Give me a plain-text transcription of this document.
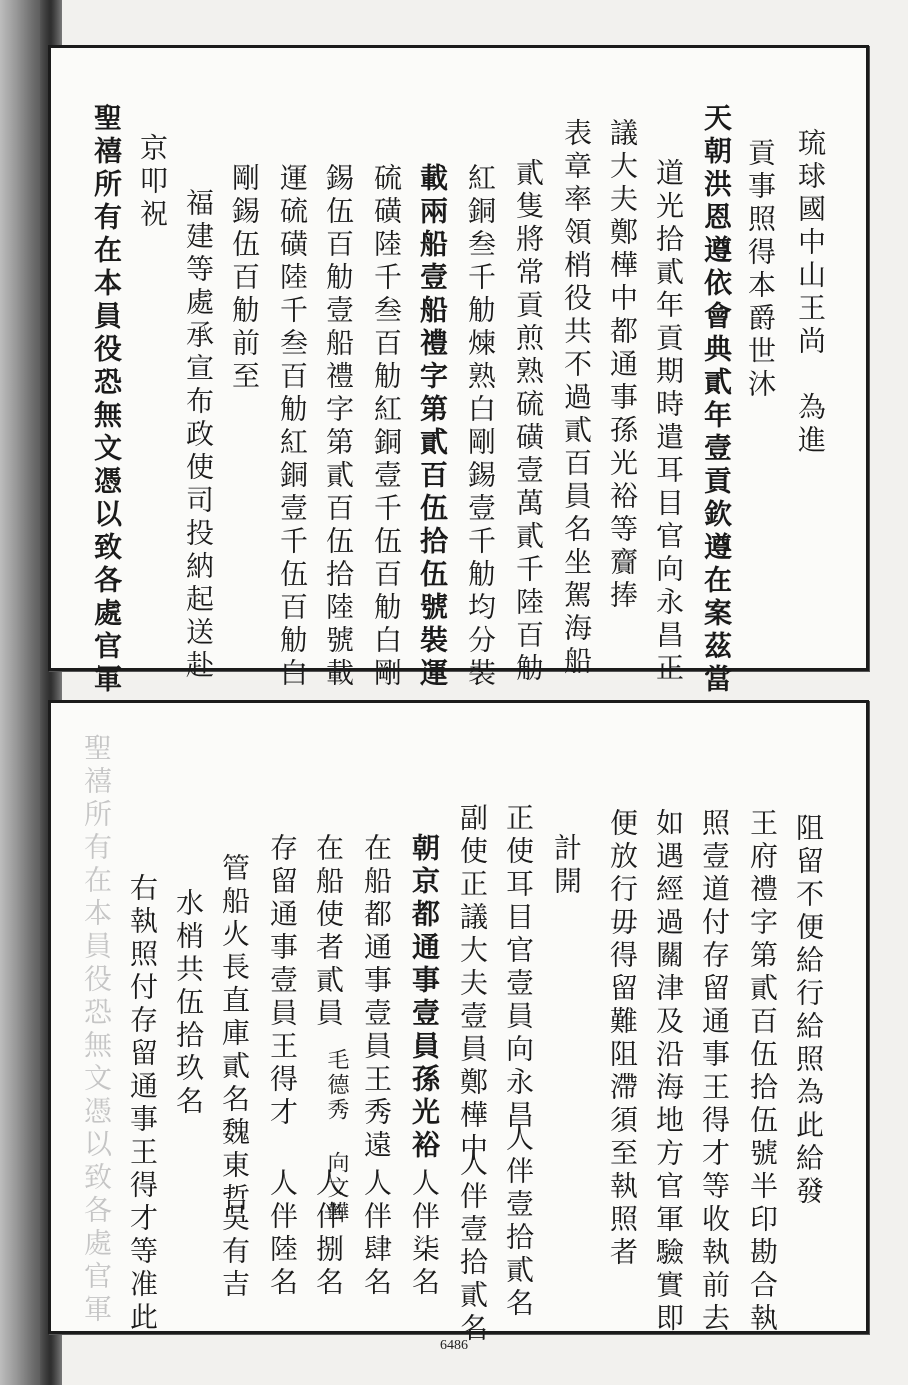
琉球國中山王尚　為進
貢事照得本爵世沐
天朝洪恩遵依會典貳年壹貢欽遵在案茲當
道光拾貳年貢期時遣耳目官向永昌正
議大夫鄭樺中都通事孫光裕等齎捧
表章率領梢役共不過貳百員名坐駕海船
貳隻將常貢煎熟硫磺壹萬貳千陸百觔
紅銅叁千觔煉熟白剛錫壹千觔均分裝
載兩船壹船禮字第貳百伍拾伍號裝運
硫磺陸千叁百觔紅銅壹千伍百觔白剛
錫伍百觔壹船禮字第貳百伍拾陸號載
運硫磺陸千叁百觔紅銅壹千伍百觔白
剛錫伍百觔前至
福建等處承宣布政使司投納起送赴
京叩祝
聖禧所有在本員役恐無文憑以致各處官軍
聖禧所有在本員役恐無文憑以致各處官軍	阻留不便給行給照為此給發
王府禮字第貳百伍拾伍號半印勘合執
照壹道付存留通事王得才等收執前去
如遇經過關津及沿海地方官軍驗實即
便放行毋得留難阻滯須至執照者
計開
正使耳目官壹員向永昌
人伴壹拾貳名
副使正議大夫壹員鄭樺中
人伴壹拾貳名
朝京都通事壹員孫光裕
人伴柒名
在船都通事壹員王秀遠
人伴肆名
在船使者貳員
毛德秀 向文韡
人伴捌名
存留通事壹員王得才
人伴陸名
管船火長直庫貳名魏東哲
吳有吉
水梢共伍拾玖名
右執照付存留通事王得才等准此
6486
